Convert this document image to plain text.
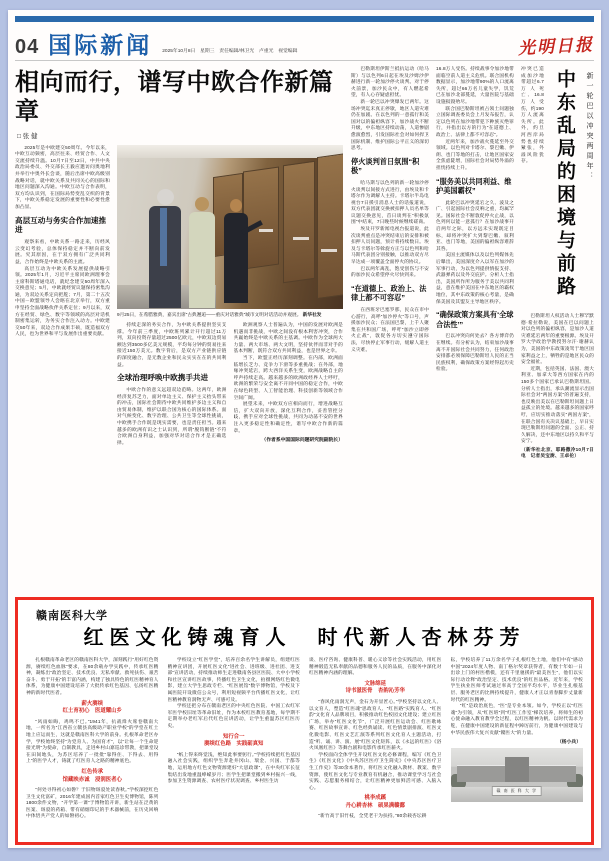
04 国际新闻 2025年10月8日　星期三　责任编辑/林卫光　卢重光　视觉编辑	光明日报
相向而行，谱写中欧合作新篇章
□ 张 健

2025年是中欧建交50周年。今年以来，中欧互动频密，高层往来、经贸合作、人文交流持续升温。10月7日至12日，中共中央政治局委员、外交部长王毅应邀访问奥地利并举行中奥外长会谈，随后出席中欧高级别战略对话，就中欧关系及共同关心的国际和地区问题深入沟通。中欧互动与合作表明，双方均认识到，在国际局势变乱交织的背景下，中欧关系稳定发展的重要性和必要性愈加凸显。

高层互动与务实合作加速推进

观察来看，中欧关系一路走来，历经风云变幻考验，总体保持稳定并不断向前发展。究其原因，在于双方拥有广泛共同利益，合作始终是中欧关系的主流。

高层互动为中欧关系发展提供战略引领。2025年1月，习近平主席同欧洲理事会主席科斯塔通电话，就纪念建交50周年深入交换意见；5月，中欧就经贸议题保持密集沟通，为双边关系定向把舵；7月，第二十五次中国－欧盟领导人会晤在北京举行，双方重申坚持全面战略伙伴关系定位；9月以来，双方在经贸、绿色、数字等领域的高层对话机制密集运转，为务实合作注入动力。中欧建交50年来，双边合作成果丰硕，既造福双方人民，也为世界和平与发展作出重要贡献。

9月25日，在希腊雅典，嘉宾出席“古典邂逅——重庆对话雅典”城市文明对话活动并观展。 新华社发

持续走深的务实合作，为中欧关系提供坚实支撑。今年前三季度，中欧班列累计开行超过11万列，双向投资存量超过2500亿欧元，中欧双边贸易额达到3500多亿美元规模，平均每分钟的贸易往来接近150万美元。数字背后，是双方产业链供应链的深度融合，是无数企业和民众实实在在的共同利益。

全球治理呼唤中欧携手共进

中欧合作的意义远超双边范畴。这两年，欧洲经济复苏乏力，面对单边主义、保护主义抬头带来的冲击，国际社会期待中欧共同维护多边主义和自由贸易体制，维护以联合国为核心的国际体系。面对气候变化、数字治理、公共卫生等全球性挑战，中欧携手合作既是现实需要，也是责任担当。越来越多的欧洲有识之士认识到，所谓“脱钩断链”不符合欧洲自身利益，加强对华对话合作才是正确选择。

欧洲观察人士普遍认为，中国的发展对欧洲是机遇而非挑战，中欧之间没有根本利害冲突，合作共赢始终是中欧关系的主基调。中欧作为全球两大力量、两大市场、两大文明，坚持伙伴而非对手的基本判断，既符合双方共同利益，也是世界之幸。

当下，欧盟正经历深刻调整。在内部，欧洲面临增长乏力、竞争力下滑等多重挑战；在外部，地缘冲突延宕，跨大西洋关系生变，欧洲战略自主的呼声持续走高。越来越多的欧洲政经界人士呼吁，欧洲的繁荣与安全离不开同中国的稳定合作，中欧在绿色转型、人工智能治理、科技创新等领域合作空间广阔。

展望未来，中欧双方应相向而行，增进战略互信，扩大双向开放，深化互利合作，妥善管控分歧，携手应对全球性挑战，共同为动荡不安的世界注入更多稳定性和确定性，谱写中欧合作新的篇章。

（作者系中国国际问题研究院副院长）

巴勒斯坦伊斯兰抵抗运动（哈马斯）与以色列6日起在埃及沙姆沙伊赫进行新一轮加沙停火谈判。对于停火前景，加沙民众中，有人燃起希望，有人心存疑虑担忧。

新一轮巴以冲突爆发已两年。这场冲突迄未真正停歇，地区人道灾难仍在加剧。在以色列的一意孤行和美国对以的偏袒纵容下，加沙战火不断升级，中东地区持续动荡，人道惨剧愈演愈烈，引发国际社会对如何捍卫国际机制、维护国际公平正义的深切思考。

停火谈判首日氛围“积极”

哈马斯与以色列的新一轮加沙停火谈判以间接方式进行，由埃及和卡塔尔作为调解人主持。卡塔尔半岛电视台7日援引消息人士的话报道说，双方代表团就交换被扣押人员名单等议题交换意见，首日谈判在“积极氛围”中结束，7日晚些时候继续磋商。

埃及开罗新闻电视台报道说，此次谈判重点是冲突结束后的安排和被扣押人员问题，预计将持续数日。埃及与卡塔尔等斡旋方正与以色列和哈马斯代表团分别接触，以推动双方尽早达成一项覆盖全面停火的协议。

巴以两年离乱，饱受创伤与不安的加沙民众希望停火尽快到来。

“在道德上、政治上、法律上都不可容忍”

在西班牙巴塞罗那，民众在市中心游行，高呼“加沙停火”等口号，声援加沙民众；在法国巴黎，上千人聚集在共和国广场，呼吁“加沙立即停火止战”，敦促各方切实遵守国际法，尽快停止军事行动，缓解人道主义灾难。

16.8万人受伤。持续战事令加沙地带面临空前人道主义危机。联合国机构数据显示，加沙地带90%的人口流离失所，超过66万名儿童失学，饥荒已在加沙北部蔓延，大量医院与基础设施损毁殆尽。

联合国巴勒斯坦被占领土问题独立国际调查委员会上月发布报告，认定以色列在加沙地带犯下种族灭绝罪行，并指出以方的行为“在道德上、政治上、法律上都不可容忍”。

近两年来，加沙战火蔓延至外交领域。以色列对卡塔尔、黎巴嫩、伊朗、也门等地的打击，让地区国家安全焦虑陡增，国际社会对局势外溢的担忧持续上升。

“服务美以共同利益、维护美国霸权”

此轮巴以冲突延宕之久、波及之广、引起国际社会反响之重，均属罕见。国际社会不断敦促停火止战，以色列何以能一意孤行？在加沙战事开启两年之际，以方远未实现既定目标，却将冲突扩大到黎巴嫩、叙利亚、也门等地，美国的偏袒纵容难辞其咎。

美国主流媒体以及以色列媒体先后曝出，美国深度介入以军在加沙的军事行动，为以色列提供情报支持、武器弹药以及外交庇护。分析人士指出，美国所作所为服务于美以共同利益，意在维护美国在中东地区的霸权地位，其中东政策的核心考量，是确保美国及其盟友主导地区秩序。

“确保政策方案具有‘全球合法性’”

巴以冲突向何处去？各方博弈仍在继续。有分析认为，结束加沙战事离不开国际社会共同努力，任何政治安排都必须保障巴勒斯坦人民的正当民族权利，确保政策方案经得起历史检验。

冲突已造成加沙地带超过6.7万人死亡、16.8万人受伤，约190万人流离失所。此外，约旦河西岸局势也持续紧张，外溢风险犹存。	新一轮巴以冲突两周年：
中东乱局的困境与前路

巴勒斯坦人权活动人士穆罕默德·希拉勒说，美国在巴以问题上对以色列的偏袒纵容，是加沙人道灾难延宕两年的重要根源。埃及开罗大学政治学教授努尔汗·谢赫认为，美国的中东政策凌驾于地区国家利益之上，牺牲的是地区民众的安全福祉。

近期，包括英国、法国、澳大利亚、加拿大等西方国家在内的150多个国家已承认巴勒斯坦国。分析人士指出，承认潮流显示出国际社会对“两国方案”的普遍支持，也反映出美以在巴勒斯坦问题上日益孤立的处境。越来越多的国家呼吁，应切实推动落实“两国方案”，在联合国有关决议基础上，早日实现巴勒斯坦问题的全面、公正、持久解决，还中东地区以持久和平与安宁。

（新华社北京、耶路撒冷10月7日电　记者吴宝澍、王卓伦）
赣南医科大学
红医文化铸魂育人　时代新人杏林芬芳

扎根赣南革命老区的赣南医科大学，深刻践行“用好红色资源，赓续红色血脉”要求，在80余载办学实践中，传承红医精神，凝练出“政治坚定、技术优良、无私奉献、救死扶伤、艰苦奋斗、勇于开拓”的丰富内涵，构建了独具特色的红医精神育人体系，为健康中国建设培养了大批传承红色基因、弘扬红医精神的新时代医者。

薪火赓续
红土育初心　医道耀山乡

“风雨如晦，鸡鸣不已。”1941年，抗战烽火席卷赣南大地，一所名为“江西省立赣县高级助产职业学校”的学堂在红土地上应运而生，这就是赣南医科大学的前身。扎根革命老区办学，学校始终坚持“为党育人、为国育才”，以“让每一个生命迎接光明”为使命，自制教具，走进乡村山寨巡诊带教，把课堂设在田间地头，为苏区培养了一批批“靠得住、下得去、用得上”的医学人才，铸就了红医育人之路的精神底色。

红色传承
馆藏映赤诚　浸润医者心

“何处寻得初心如磐？于旧物斑驳处读春秋。”学校深挖红色卫生文化富矿，2016年建成国内首家红色卫生史博物馆，陈列1800余件文物，“开学第一课”于博物馆开讲，新生站在泛黄的医案、斑驳的药箱、带有硝烟印记的手术器械前，在历史回响中体悟共产党人的如磐初心。

学校设立“红医学堂”，培养百余名学生讲解员，组建红医精神宣讲团，开展红医文化“进社会、进班级、进社团、进支部”宣讲活动，持续推动师生走进赣南各县区医院、大中小学校和社区宣讲红医故事，传播红色卫生文化，拍摄网络红色微电影，建立大学生思政专栏、“红医展馆”数字博物馆，学校及下属医院开设微信公众号，利用短视频平台传播红医文化，让红医精神教育润物无声、可感可及。

学校还把分布在赣南老区的中央红色医院、中国工农红军军医学校旧址等革命旧址，作为本校红医教育基地，每学期不定期举办老红军后代红色宣讲活动，让学生重温苏区红医历史。

知行合一
赓续红色路　实践砺真知

“纸上得来终觉浅，绝知此事要躬行。”学校持续把红色基因融入社会实践，组织学生奔赴井冈山、瑞金、兴国、于都等地，运用地方红色文物资源建好“大思政课”，在中央红军长征集结出发地重温峥嵘岁月；医学生把课堂搬到乡村振兴一线，参加卫生资源调查、农村医疗状况调查、乡村医生访

谈、医疗咨询、健康科普、暖心义诊等社会实践活动，用红医精神锻造无私奉献的品德和服务人民的品质，在服务中深化对红医精神内涵的理解。

文脉绵延
诗书滋医骨　杏韵沁芳华

“春风化雨润无声，金石为开显匠心。”学校坚持以文化人、以文育人，塑造“红医魂”思政育人、“红医路”实践育人、“红医韵”文化育人品牌项目，积极推动红色校园文化建设；建立红医广场，举办“红医文化节”，广泛开展红医运动会、红医歌咏赛、红医故事宣讲、红色经典诵读、红色情景剧排演、红医文化微电影、红医文艺汇演等系列红医文化育人主题活动，打造“听、诵、讲、演、展”红医文化矩阵，以《永远的红医》《浴火凤凰红医》等舞台剧和电影传承红医薪火。

学校面向全体学生开设红医文化必修课程，编写《红色卫生》《红医文化》《中央苏区医疗卫生简史》《中央苏区医疗卫生工作史》等30余本著作，将红医文化融入教材、教案、数字资源，使红医文化与专业教育有机融合，推动课堂学习与社会实践、志愿服务相结合，让红医精神更加鲜活可感、入脑入心。

桃李成蹊
丹心耕杏林　硕果满赣鄱

“新竹高于旧竹枝，全凭老干为扶持。”80余载杏坛耕

耘，学校培养了11万余名学子扎根红色土地，他们中有“感动中国”2024年度人物、南丁格尔奖章获得者，有数十年如一日出诊上门的村医楷模，还有千里驰援的“最美医生”，他们以实际行动诠释“政治坚定、技术优良”的红医品格。近年来，学校学生执业医师考试通过率高于全国平均水平，毕业生扎根基层、服务老区的比例持续提升，健康人才正以青春脚步丈量新时代的红医精神。

“红”是政治底色，“医”是专业本领。如今，学校正以“红医魂”为引领，从“红医班”到“红医工作室”梯次培养，将师生的初心使命融入教育教学全过程，以红医精神为帆、以时代需求为舵，在健康中国建设的新征程中踔厉前行，为健康中国建设与中华民族伟大复兴贡献“赣医大”的力量。

（杨小兵）
赣 南 医 科 大 学
